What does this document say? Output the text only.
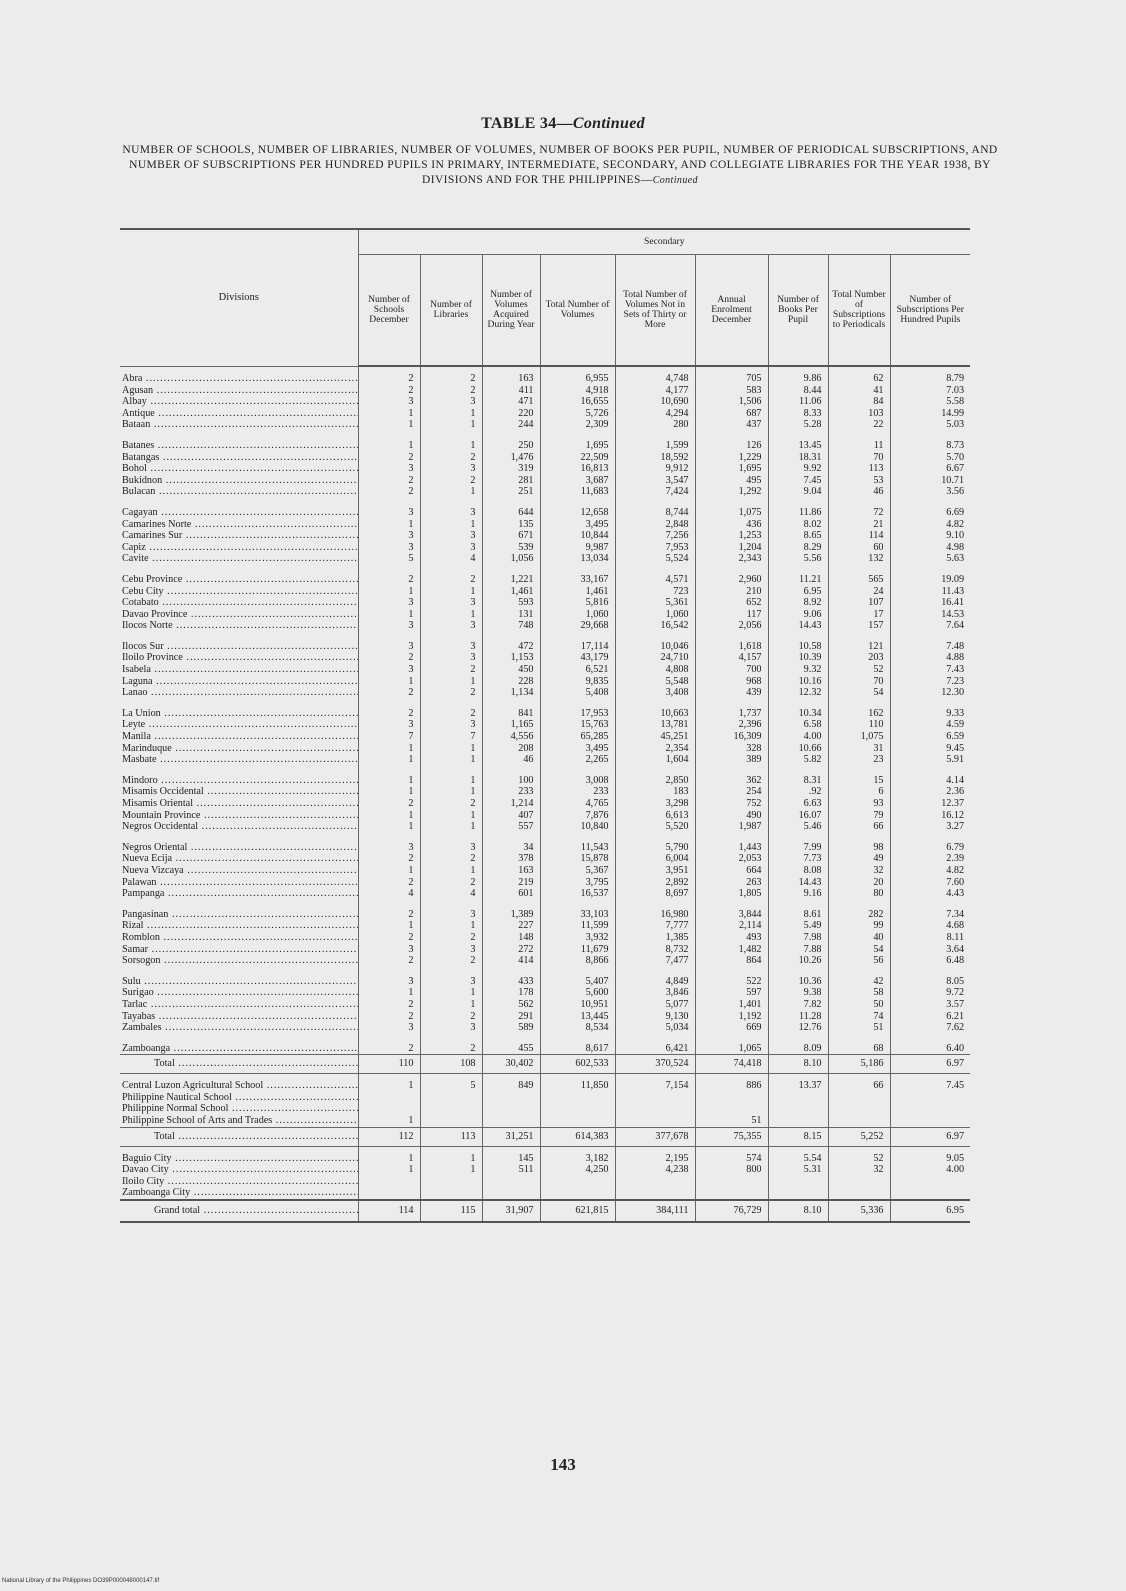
TABLE 34—Continued
NUMBER OF SCHOOLS, NUMBER OF LIBRARIES, NUMBER OF VOLUMES, NUMBER OF BOOKS PER PUPIL, NUMBER OF PERIODICAL SUBSCRIPTIONS, AND NUMBER OF SUBSCRIPTIONS PER HUNDRED PUPILS IN PRIMARY, INTERMEDIATE, SECONDARY, AND COLLEGIATE LIBRARIES FOR THE YEAR 1938, BY DIVISIONS AND FOR THE PHILIPPINES—Continued
Divisions	Secondary								
	Number of Schools December	Number of Libraries	Number of Volumes Acquired During Year	Total Number of Volumes	Total Number of Volumes Not in Sets of Thirty or More	Annual Enrolment December	Number of Books Per Pupil	Total Number of Subscriptions to Periodicals	Number of Subscriptions Per Hundred Pupils
Abra .....	2	2	163	6,955	4,748	705	9.86	62	8.79
Agusan .....	2	2	411	4,918	4,177	583	8.44	41	7.03
Albay .....	3	3	471	16,655	10,690	1,506	11.06	84	5.58
Antique .....	1	1	220	5,726	4,294	687	8.33	103	14.99
Bataan .....	1	1	244	2,309	280	437	5.28	22	5.03

Batanes .....	1	1	250	1,695	1,599	126	13.45	11	8.73
Batangas .....	2	2	1,476	22,509	18,592	1,229	18.31	70	5.70
Bohol .....	3	3	319	16,813	9,912	1,695	9.92	113	6.67
Bukidnon .....	2	2	281	3,687	3,547	495	7.45	53	10.71
Bulacan .....	2	1	251	11,683	7,424	1,292	9.04	46	3.56

Cagayan .....	3	3	644	12,658	8,744	1,075	11.86	72	6.69
Camarines Norte .....	1	1	135	3,495	2,848	436	8.02	21	4.82
Camarines Sur .....	3	3	671	10,844	7,256	1,253	8.65	114	9.10
Capiz .....	3	3	539	9,987	7,953	1,204	8.29	60	4.98
Cavite .....	5	4	1,056	13,034	5,524	2,343	5.56	132	5.63

Cebu Province .....	2	2	1,221	33,167	4,571	2,960	11.21	565	19.09
Cebu City .....	1	1	1,461	1,461	723	210	6.95	24	11.43
Cotabato .....	3	3	593	5,816	5,361	652	8.92	107	16.41
Davao Province .....	1	1	131	1,060	1,060	117	9.06	17	14.53
Ilocos Norte .....	3	3	748	29,668	16,542	2,056	14.43	157	7.64

Ilocos Sur .....	3	3	472	17,114	10,046	1,618	10.58	121	7.48
Iloilo Province .....	2	3	1,153	43,179	24,710	4,157	10.39	203	4.88
Isabela .....	3	2	450	6,521	4,808	700	9.32	52	7.43
Laguna .....	1	1	228	9,835	5,548	968	10.16	70	7.23
Lanao .....	2	2	1,134	5,408	3,408	439	12.32	54	12.30

La Union .....	2	2	841	17,953	10,663	1,737	10.34	162	9.33
Leyte .....	3	3	1,165	15,763	13,781	2,396	6.58	110	4.59
Manila .....	7	7	4,556	65,285	45,251	16,309	4.00	1,075	6.59
Marinduque .....	1	1	208	3,495	2,354	328	10.66	31	9.45
Masbate .....	1	1	46	2,265	1,604	389	5.82	23	5.91

Mindoro .....	1	1	100	3,008	2,850	362	8.31	15	4.14
Misamis Occidental .....	1	1	233	233	183	254	.92	6	2.36
Misamis Oriental .....	2	2	1,214	4,765	3,298	752	6.63	93	12.37
Mountain Province .....	1	1	407	7,876	6,613	490	16.07	79	16.12
Negros Occidental .....	1	1	557	10,840	5,520	1,987	5.46	66	3.27

Negros Oriental .....	3	3	34	11,543	5,790	1,443	7.99	98	6.79
Nueva Ecija .....	2	2	378	15,878	6,004	2,053	7.73	49	2.39
Nueva Vizcaya .....	1	1	163	5,367	3,951	664	8.08	32	4.82
Palawan .....	2	2	219	3,795	2,892	263	14.43	20	7.60
Pampanga .....	4	4	601	16,537	8,697	1,805	9.16	80	4.43

Pangasinan .....	2	3	1,389	33,103	16,980	3,844	8.61	282	7.34
Rizal .....	1	1	227	11,599	7,777	2,114	5.49	99	4.68
Romblon .....	2	2	148	3,932	1,385	493	7.98	40	8.11
Samar .....	3	3	272	11,679	8,732	1,482	7.88	54	3.64
Sorsogon .....	2	2	414	8,866	7,477	864	10.26	56	6.48

Sulu .....	3	3	433	5,407	4,849	522	10.36	42	8.05
Surigao .....	1	1	178	5,600	3,846	597	9.38	58	9.72
Tarlac .....	2	1	562	10,951	5,077	1,401	7.82	50	3.57
Tayabas .....	2	2	291	13,445	9,130	1,192	11.28	74	6.21
Zambales .....	3	3	589	8,534	5,034	669	12.76	51	7.62

Zamboanga .....	2	2	455	8,617	6,421	1,065	8.09	68	6.40
Total .....	110	108	30,402	602,533	370,524	74,418	8.10	5,186	6.97
Central Luzon Agricultural School .....	1	5	849	11,850	7,154	886	13.37	66	7.45
Philippine Nautical School .....									
Philippine Normal School .....									
Philippine School of Arts and Trades .....	1					51			
Total .....	112	113	31,251	614,383	377,678	75,355	8.15	5,252	6.97
Baguio City .....	1	1	145	3,182	2,195	574	5.54	52	9.05
Davao City .....	1	1	511	4,250	4,238	800	5.31	32	4.00
Iloilo City .....									
Zamboanga City .....									
Grand total .....	114	115	31,907	621,815	384,111	76,729	8.10	5,336	6.95
143
National Library of the Philippines DO39P000048000147.tif
